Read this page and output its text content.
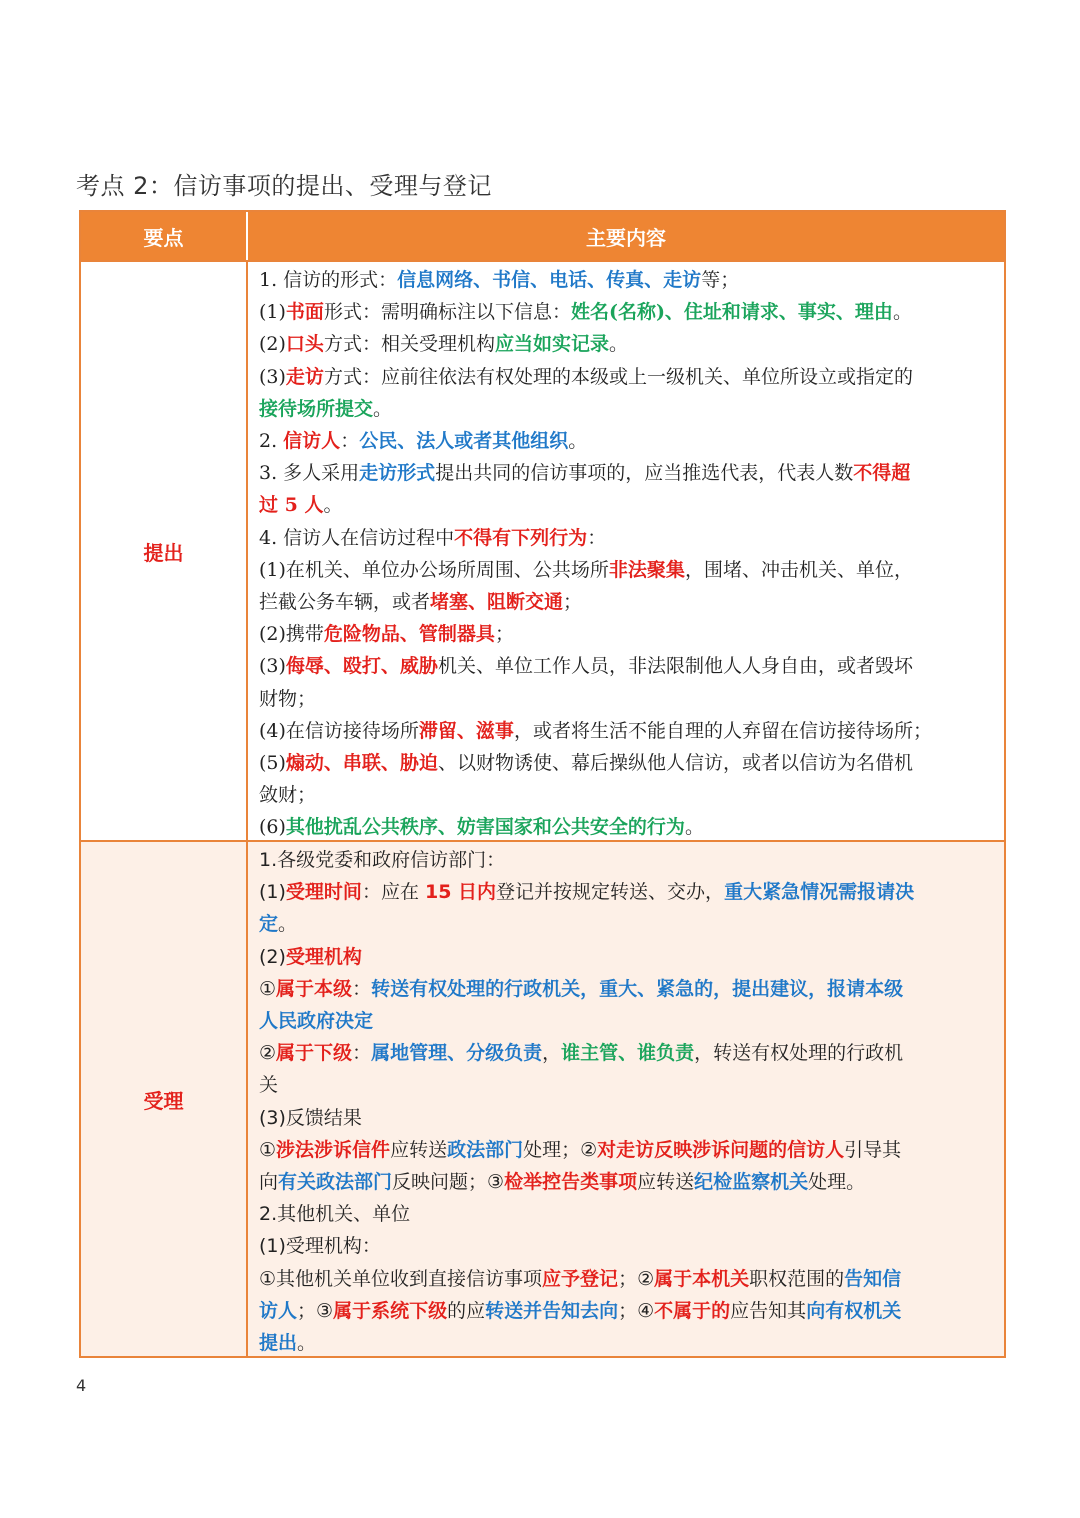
考点 2：信访事项的提出、受理与登记
要点	主要内容
提出
1. 信访的形式：信息网络、书信、电话、传真、走访等；
(1)书面形式：需明确标注以下信息：姓名(名称)、住址和请求、事实、理由。
(2)口头方式：相关受理机构应当如实记录。
(3)走访方式：应前往依法有权处理的本级或上一级机关、单位所设立或指定的
接待场所提交。
2. 信访人：公民、法人或者其他组织。
3. 多人采用走访形式提出共同的信访事项的，应当推选代表，代表人数不得超
过 5 人。
4. 信访人在信访过程中不得有下列行为：
(1)在机关、单位办公场所周围、公共场所非法聚集，围堵、冲击机关、单位，
拦截公务车辆，或者堵塞、阻断交通；
(2)携带危险物品、管制器具；
(3)侮辱、殴打、威胁机关、单位工作人员，非法限制他人人身自由，或者毁坏
财物；
(4)在信访接待场所滞留、滋事，或者将生活不能自理的人弃留在信访接待场所；
(5)煽动、串联、胁迫、以财物诱使、幕后操纵他人信访，或者以信访为名借机
敛财；
(6)其他扰乱公共秩序、妨害国家和公共安全的行为。
受理
1.各级党委和政府信访部门：
(1)受理时间：应在 15 日内登记并按规定转送、交办，重大紧急情况需报请决
定。
(2)受理机构
①属于本级：转送有权处理的行政机关，重大、紧急的，提出建议，报请本级
人民政府决定
②属于下级：属地管理、分级负责，谁主管、谁负责，转送有权处理的行政机
关
(3)反馈结果
①涉法涉诉信件应转送政法部门处理；②对走访反映涉诉问题的信访人引导其
向有关政法部门反映问题；③检举控告类事项应转送纪检监察机关处理。
2.其他机关、单位
(1)受理机构：
①其他机关单位收到直接信访事项应予登记；②属于本机关职权范围的告知信
访人；③属于系统下级的应转送并告知去向；④不属于的应告知其向有权机关
提出。
4
